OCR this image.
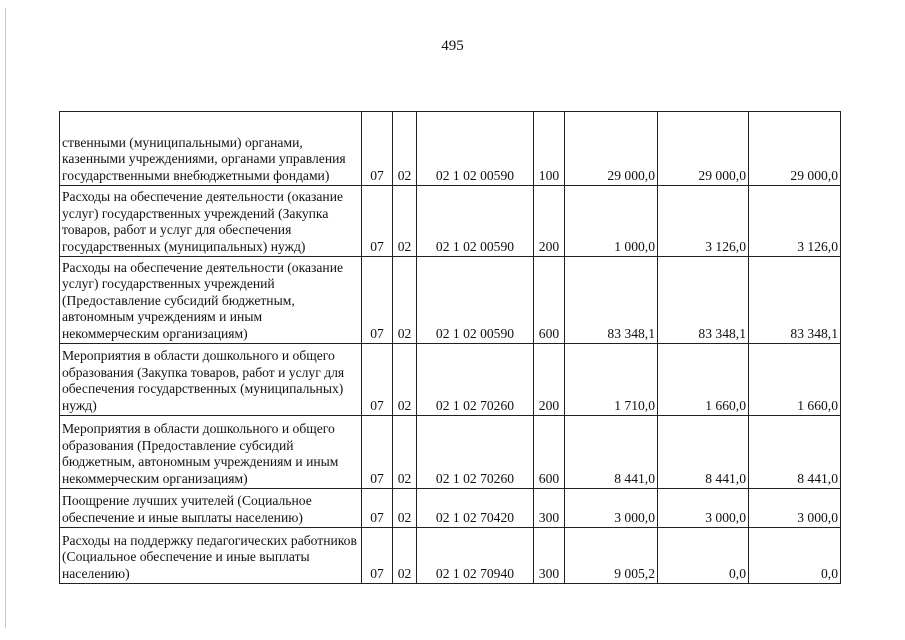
495
ственными (муниципальными) органами, казенными учреждениями, органами управления государственными внебюджетными фондами)	07	02	02 1 02 00590	100	29 000,0	29 000,0	29 000,0
Расходы на обеспечение деятельности (оказание услуг) государственных учреждений (Закупка товаров, работ и услуг для обеспечения государственных (муниципальных) нужд)	07	02	02 1 02 00590	200	1 000,0	3 126,0	3 126,0
Расходы на обеспечение деятельности (оказание услуг) государственных учреждений (Предоставление субсидий бюджетным, автономным учреждениям и иным некоммерческим организациям)	07	02	02 1 02 00590	600	83 348,1	83 348,1	83 348,1
Мероприятия в области дошкольного и общего образования (Закупка товаров, работ и услуг для обеспечения государственных (муниципальных) нужд)	07	02	02 1 02 70260	200	1 710,0	1 660,0	1 660,0
Мероприятия в области дошкольного и общего образования (Предоставление субсидий бюджетным, автономным учреждениям и иным некоммерческим организациям)	07	02	02 1 02 70260	600	8 441,0	8 441,0	8 441,0
Поощрение лучших учителей (Социальное обеспечение и иные выплаты населению)	07	02	02 1 02 70420	300	3 000,0	3 000,0	3 000,0
Расходы на поддержку педагогических работников (Социальное обеспечение и иные выплаты населению)	07	02	02 1 02 70940	300	9 005,2	0,0	0,0
